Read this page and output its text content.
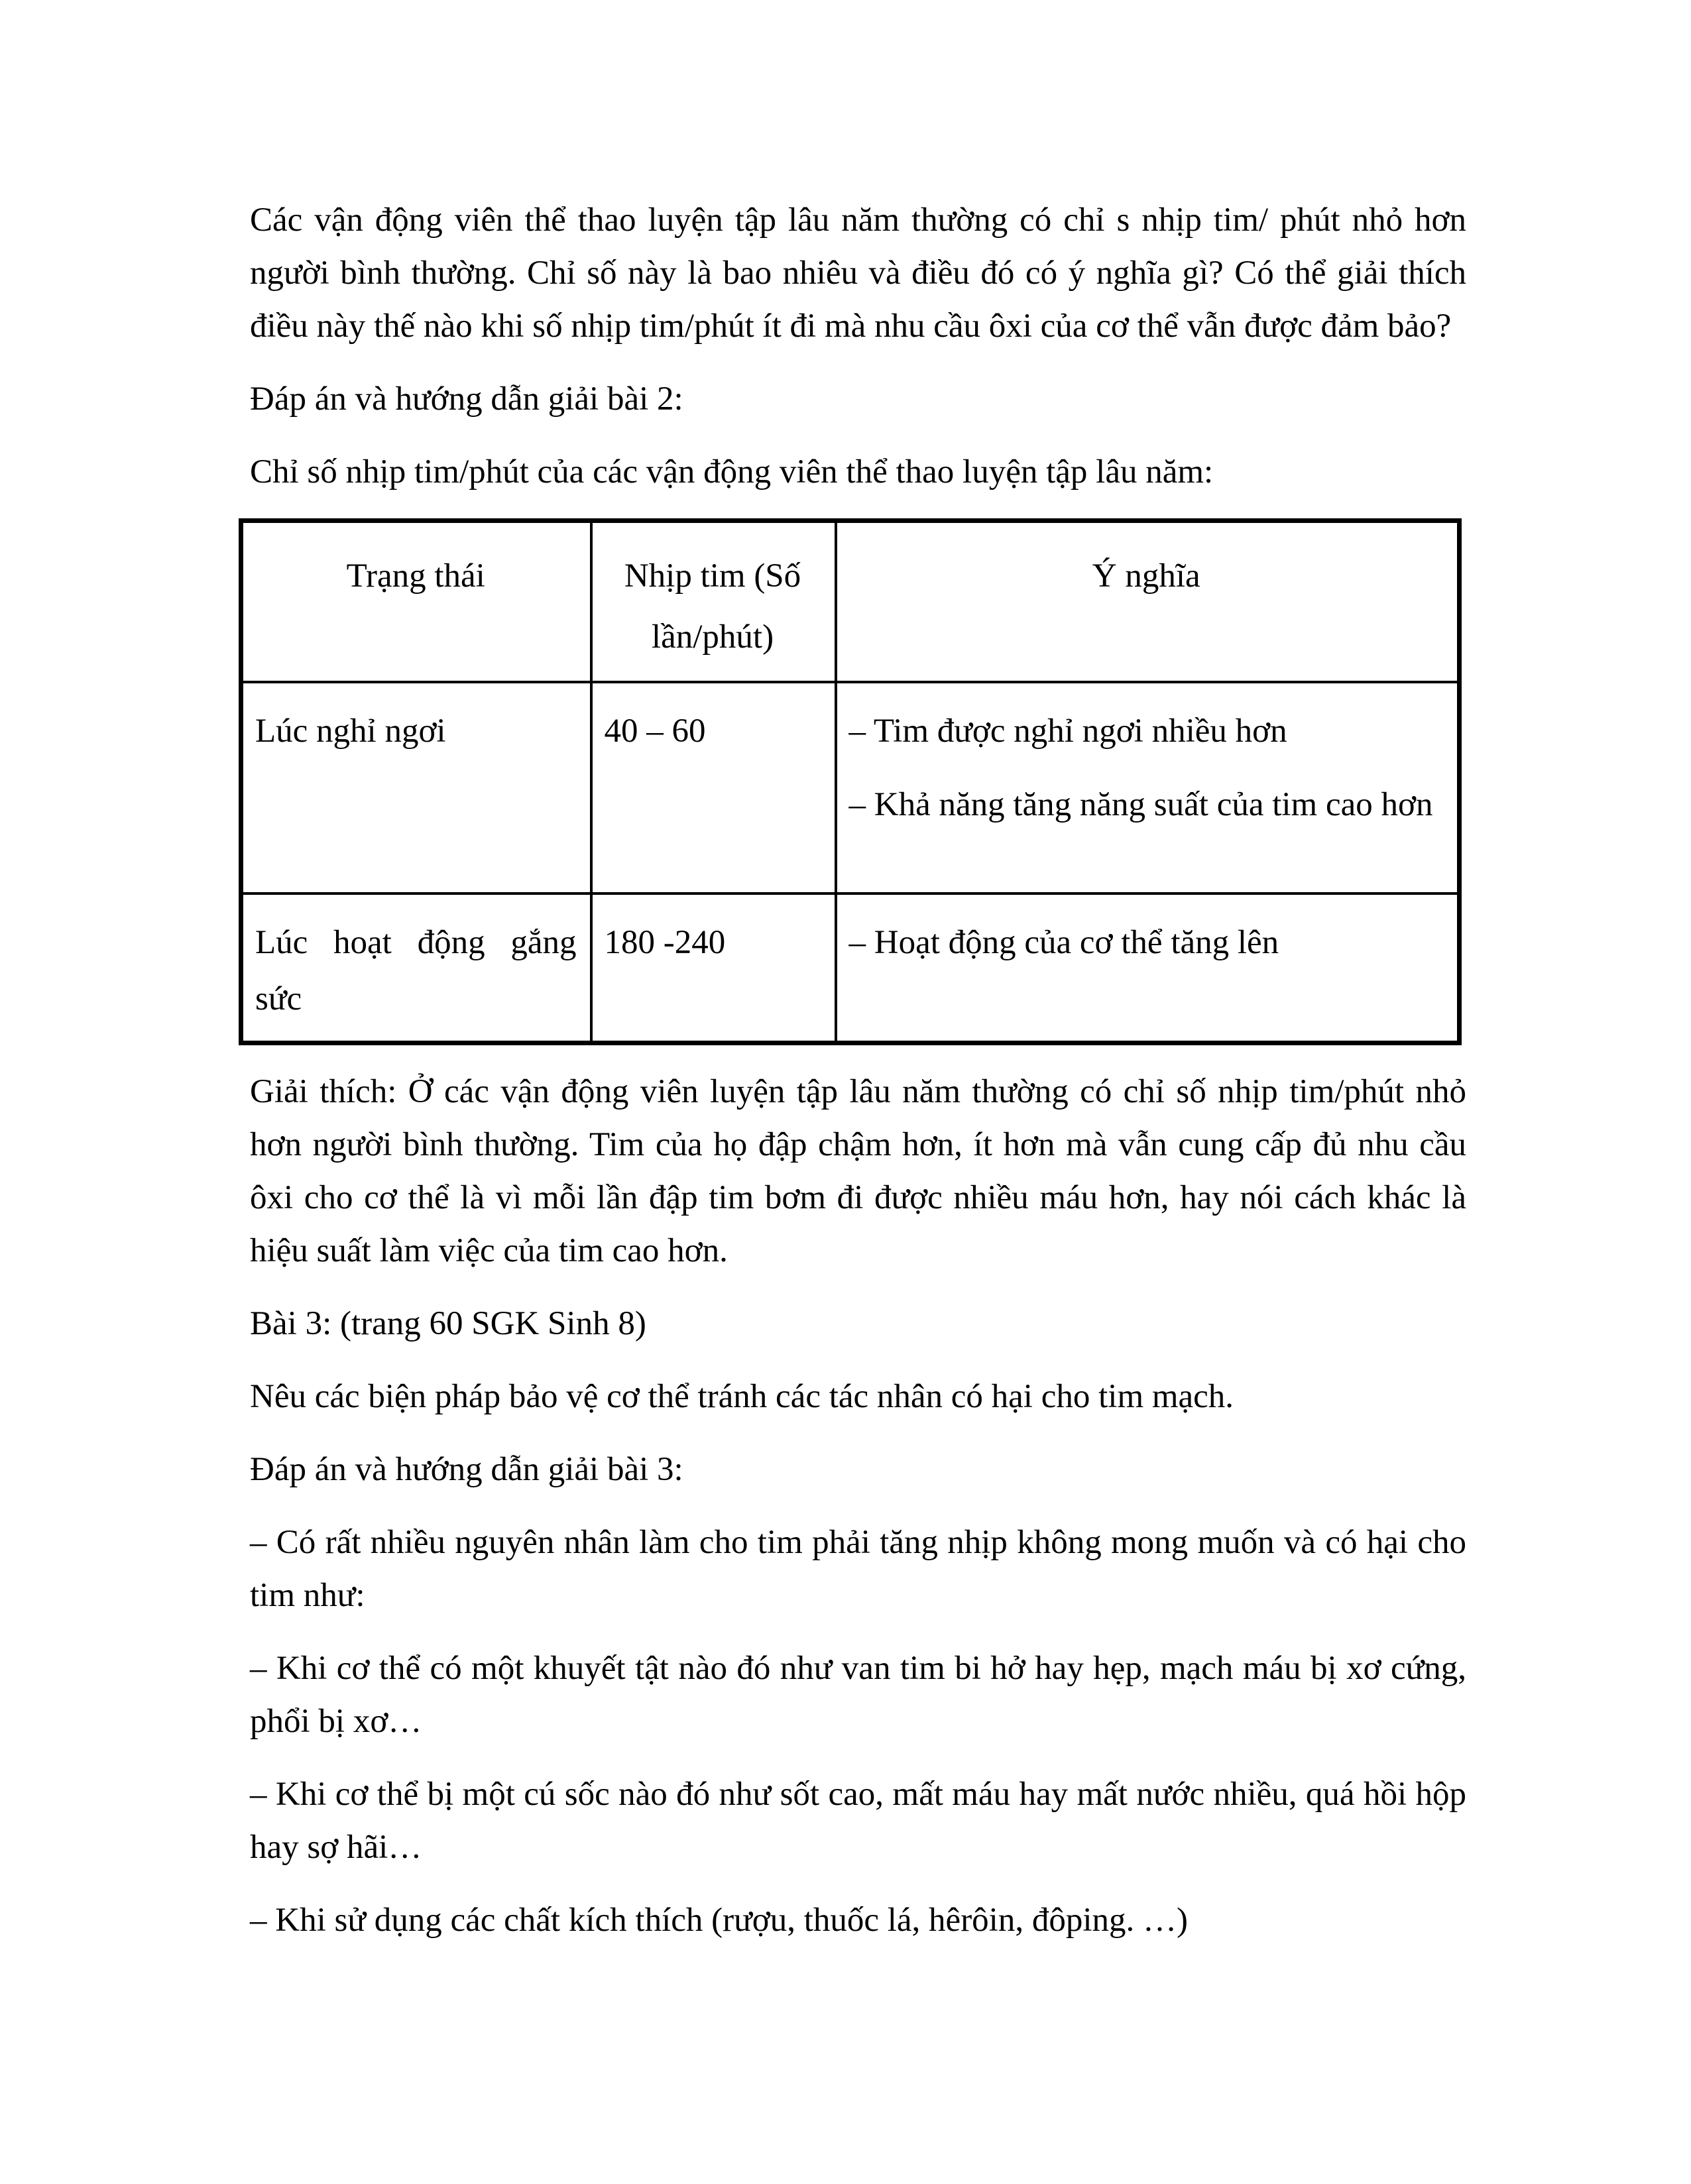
Các vận động viên thể thao luyện tập lâu năm thường có chỉ s nhịp tim/ phút nhỏ hơn người bình thường. Chỉ số này là bao nhiêu và điều đó có ý nghĩa gì? Có thể giải thích điều này thế nào khi số nhịp tim/phút ít đi mà nhu cầu ôxi của cơ thể vẫn được đảm bảo?

Đáp án và hướng dẫn giải bài 2:

Chỉ số nhịp tim/phút của các vận động viên thể thao luyện tập lâu năm:

Trạng thái	Nhịp tim (Số lần/phút)	Ý nghĩa

Lúc nghỉ ngơi	40 – 60	– Tim được nghỉ ngơi nhiều hơn
– Khả năng tăng năng suất của tim cao hơn

Lúc hoạt động gắng sức	180 -240	– Hoạt động của cơ thể tăng lên

Giải thích: Ở các vận động viên luyện tập lâu năm thường có chỉ số nhịp tim/phút nhỏ hơn người bình thường. Tim của họ đập chậm hơn, ít hơn mà vẫn cung cấp đủ nhu cầu ôxi cho cơ thể là vì mỗi lần đập tim bơm đi được nhiều máu hơn, hay nói cách khác là hiệu suất làm việc của tim cao hơn.

Bài 3: (trang 60 SGK Sinh 8)

Nêu các biện pháp bảo vệ cơ thể tránh các tác nhân có hại cho tim mạch.

Đáp án và hướng dẫn giải bài 3:

– Có rất nhiều nguyên nhân làm cho tim phải tăng nhịp không mong muốn và có hại cho tim như:

– Khi cơ thể có một khuyết tật nào đó như van tim bi hở hay hẹp, mạch máu bị xơ cứng, phổi bị xơ…

– Khi cơ thể bị một cú sốc nào đó như sốt cao, mất máu hay mất nước nhiều, quá hồi hộp hay sợ hãi…

– Khi sử dụng các chất kích thích (rượu, thuốc lá, hêrôin, đôping. …)
